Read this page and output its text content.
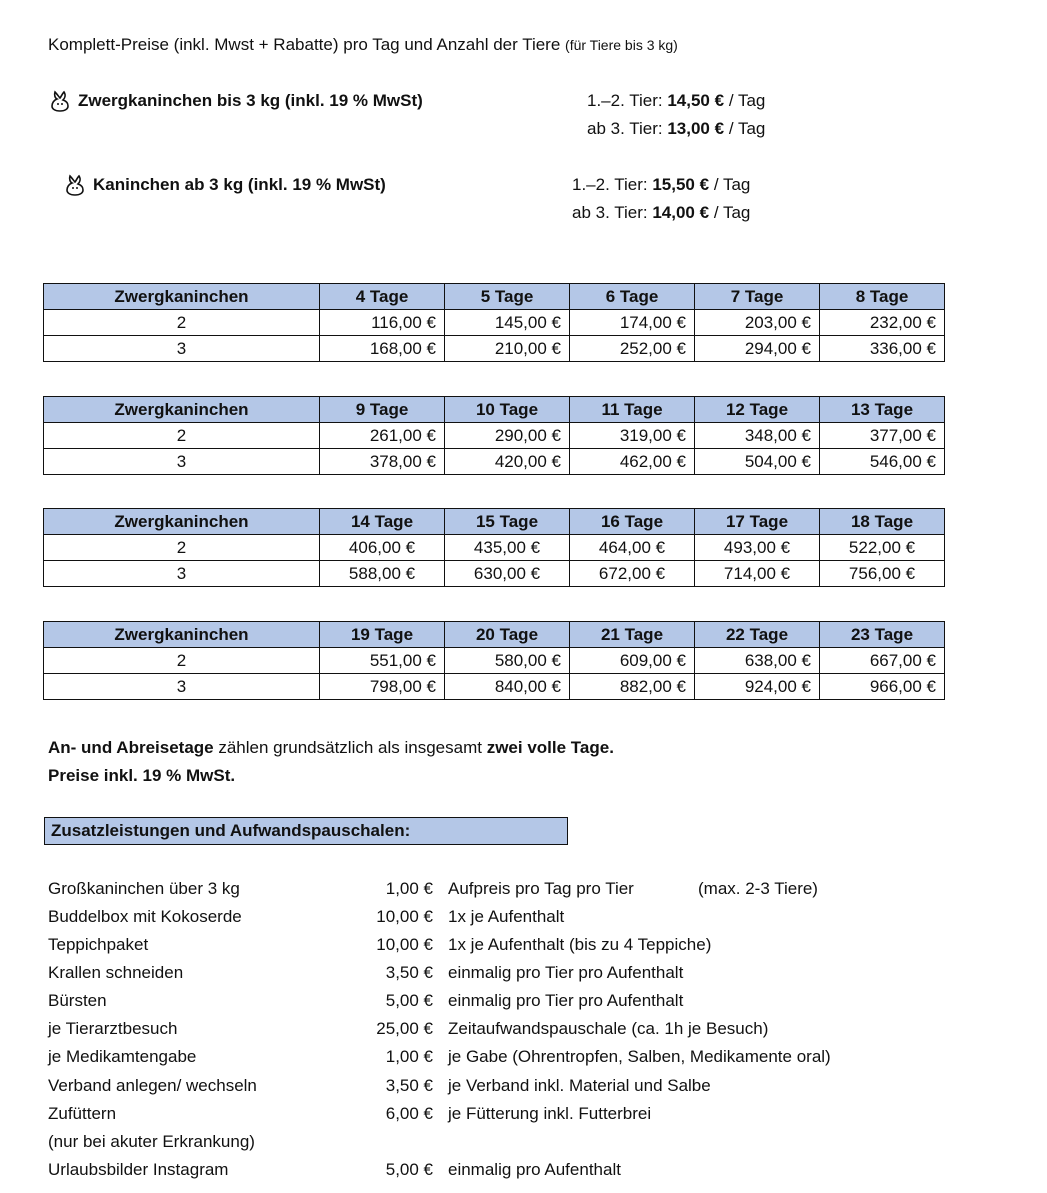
Komplett-Preise (inkl. Mwst + Rabatte) pro Tag und Anzahl der Tiere (für Tiere bis 3 kg)
Zwergkaninchen bis 3 kg (inkl. 19 % MwSt)	1.–2. Tier: 14,50 € / Tag
ab 3. Tier: 13,00 € / Tag
Kaninchen ab 3 kg (inkl. 19 % MwSt)	1.–2. Tier: 15,50 € / Tag
ab 3. Tier: 14,00 € / Tag
Zwergkaninchen	4 Tage	5 Tage	6 Tage	7 Tage	8 Tage
2	116,00 €	145,00 €	174,00 €	203,00 €	232,00 €
3	168,00 €	210,00 €	252,00 €	294,00 €	336,00 €
Zwergkaninchen	9 Tage	10 Tage	11 Tage	12 Tage	13 Tage
2	261,00 €	290,00 €	319,00 €	348,00 €	377,00 €
3	378,00 €	420,00 €	462,00 €	504,00 €	546,00 €
Zwergkaninchen	14 Tage	15 Tage	16 Tage	17 Tage	18 Tage
2	406,00 €	435,00 €	464,00 €	493,00 €	522,00 €
3	588,00 €	630,00 €	672,00 €	714,00 €	756,00 €
Zwergkaninchen	19 Tage	20 Tage	21 Tage	22 Tage	23 Tage
2	551,00 €	580,00 €	609,00 €	638,00 €	667,00 €
3	798,00 €	840,00 €	882,00 €	924,00 €	966,00 €
An- und Abreisetage zählen grundsätzlich als insgesamt zwei volle Tage.
Preise inkl. 19 % MwSt.
Zusatzleistungen und Aufwandspauschalen:
Großkaninchen über 3 kg	1,00 € Aufpreis pro Tag pro Tier	(max. 2-3 Tiere)
Buddelbox mit Kokoserde	10,00 € 1x je Aufenthalt
Teppichpaket	10,00 € 1x je Aufenthalt (bis zu 4 Teppiche)
Krallen schneiden	3,50 € einmalig pro Tier pro Aufenthalt
Bürsten	5,00 € einmalig pro Tier pro Aufenthalt
je Tierarztbesuch	25,00 € Zeitaufwandspauschale (ca. 1h je Besuch)
je Medikamtengabe	1,00 € je Gabe (Ohrentropfen, Salben, Medikamente oral)
Verband anlegen/ wechseln	3,50 € je Verband inkl. Material und Salbe
Zufüttern	6,00 € je Fütterung inkl. Futterbrei
(nur bei akuter Erkrankung)
Urlaubsbilder Instagram	5,00 € einmalig pro Aufenthalt
